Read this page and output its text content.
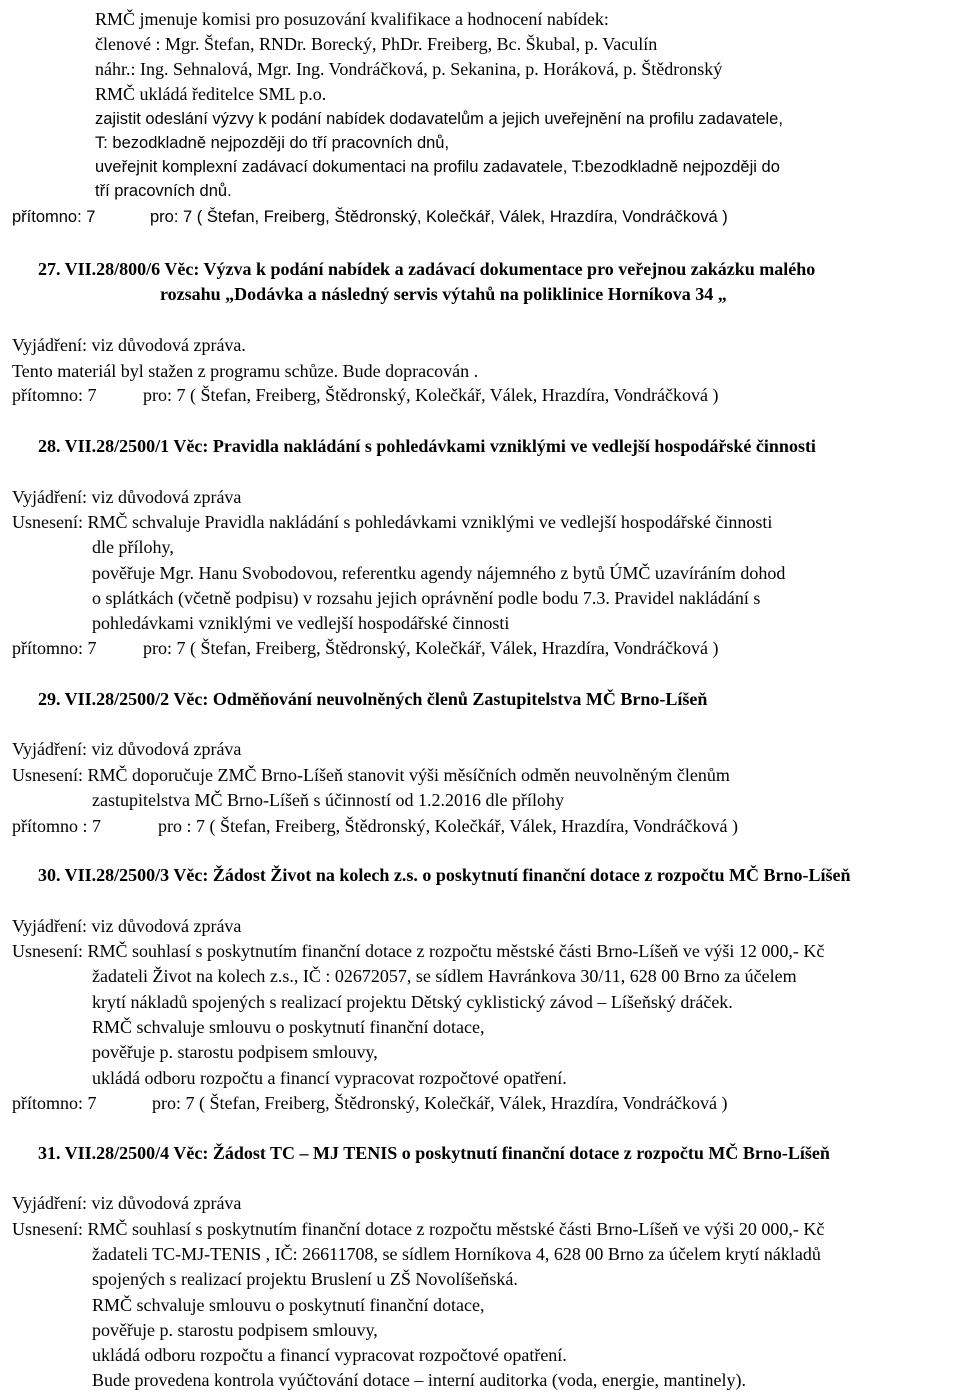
RMČ jmenuje komisi pro posuzování kvalifikace a hodnocení nabídek:
členové : Mgr. Štefan, RNDr. Borecký, PhDr. Freiberg, Bc. Škubal, p. Vaculín
náhr.: Ing. Sehnalová, Mgr. Ing. Vondráčková, p. Sekanina, p. Horáková, p. Štědronský
RMČ ukládá ředitelce SML p.o.
zajistit odeslání výzvy k podání nabídek dodavatelům a jejich uveřejnění na profilu zadavatele,
T: bezodkladně nejpozději do tří pracovních dnů,
uveřejnit komplexní zadávací dokumentaci na profilu zadavatele, T:bezodkladně nejpozději do
tří pracovních dnů.
přítomno: 7	pro: 7 ( Štefan, Freiberg, Štědronský, Kolečkář, Válek, Hrazdíra, Vondráčková )
27. VII.28/800/6 Věc: Výzva k podání nabídek a zadávací dokumentace pro veřejnou zakázku malého
rozsahu „Dodávka a následný servis výtahů na poliklinice Horníkova 34 „
Vyjádření: viz důvodová zpráva.
Tento materiál byl stažen z programu schůze. Bude dopracován .
přítomno: 7	pro: 7 ( Štefan, Freiberg, Štědronský, Kolečkář, Válek, Hrazdíra, Vondráčková )
28. VII.28/2500/1 Věc: Pravidla nakládání s pohledávkami vzniklými ve vedlejší hospodářské činnosti
Vyjádření: viz důvodová zpráva
Usnesení: RMČ schvaluje Pravidla nakládání s pohledávkami vzniklými ve vedlejší hospodářské činnosti
dle přílohy,
pověřuje Mgr. Hanu Svobodovou, referentku agendy nájemného z bytů ÚMČ uzavíráním dohod
o splátkách (včetně podpisu) v rozsahu jejich oprávnění podle bodu 7.3. Pravidel nakládání s
pohledávkami vzniklými ve vedlejší hospodářské činnosti
přítomno: 7	pro: 7 ( Štefan, Freiberg, Štědronský, Kolečkář, Válek, Hrazdíra, Vondráčková )
29. VII.28/2500/2 Věc: Odměňování neuvolněných členů Zastupitelstva MČ Brno-Líšeň
Vyjádření: viz důvodová zpráva
Usnesení: RMČ doporučuje ZMČ Brno-Líšeň stanovit výši měsíčních odměn neuvolněným členům
zastupitelstva MČ Brno-Líšeň s účinností od 1.2.2016 dle přílohy
přítomno : 7	pro : 7 ( Štefan, Freiberg, Štědronský, Kolečkář, Válek, Hrazdíra, Vondráčková )
30. VII.28/2500/3 Věc: Žádost Život na kolech z.s. o poskytnutí finanční dotace z rozpočtu MČ Brno-Líšeň
Vyjádření: viz důvodová zpráva
Usnesení: RMČ souhlasí s poskytnutím finanční dotace z rozpočtu městské části Brno-Líšeň ve výši 12 000,- Kč
žadateli Život na kolech z.s., IČ : 02672057, se sídlem Havránkova 30/11, 628 00 Brno za účelem
krytí nákladů spojených s realizací projektu Dětský cyklistický závod – Líšeňský dráček.
RMČ schvaluje smlouvu o poskytnutí finanční dotace,
pověřuje p. starostu podpisem smlouvy,
ukládá odboru rozpočtu a financí vypracovat rozpočtové opatření.
přítomno: 7	pro: 7 ( Štefan, Freiberg, Štědronský, Kolečkář, Válek, Hrazdíra, Vondráčková )
31. VII.28/2500/4 Věc: Žádost TC – MJ TENIS o poskytnutí finanční dotace z rozpočtu MČ Brno-Líšeň
Vyjádření: viz důvodová zpráva
Usnesení: RMČ souhlasí s poskytnutím finanční dotace z rozpočtu městské části Brno-Líšeň ve výši 20 000,- Kč
žadateli TC-MJ-TENIS , IČ: 26611708, se sídlem Horníkova 4, 628 00 Brno za účelem krytí nákladů
spojených s realizací projektu Bruslení u ZŠ Novolíšeňská.
RMČ schvaluje smlouvu o poskytnutí finanční dotace,
pověřuje p. starostu podpisem smlouvy,
ukládá odboru rozpočtu a financí vypracovat rozpočtové opatření.
Bude provedena kontrola vyúčtování dotace – interní auditorka (voda, energie, mantinely).
